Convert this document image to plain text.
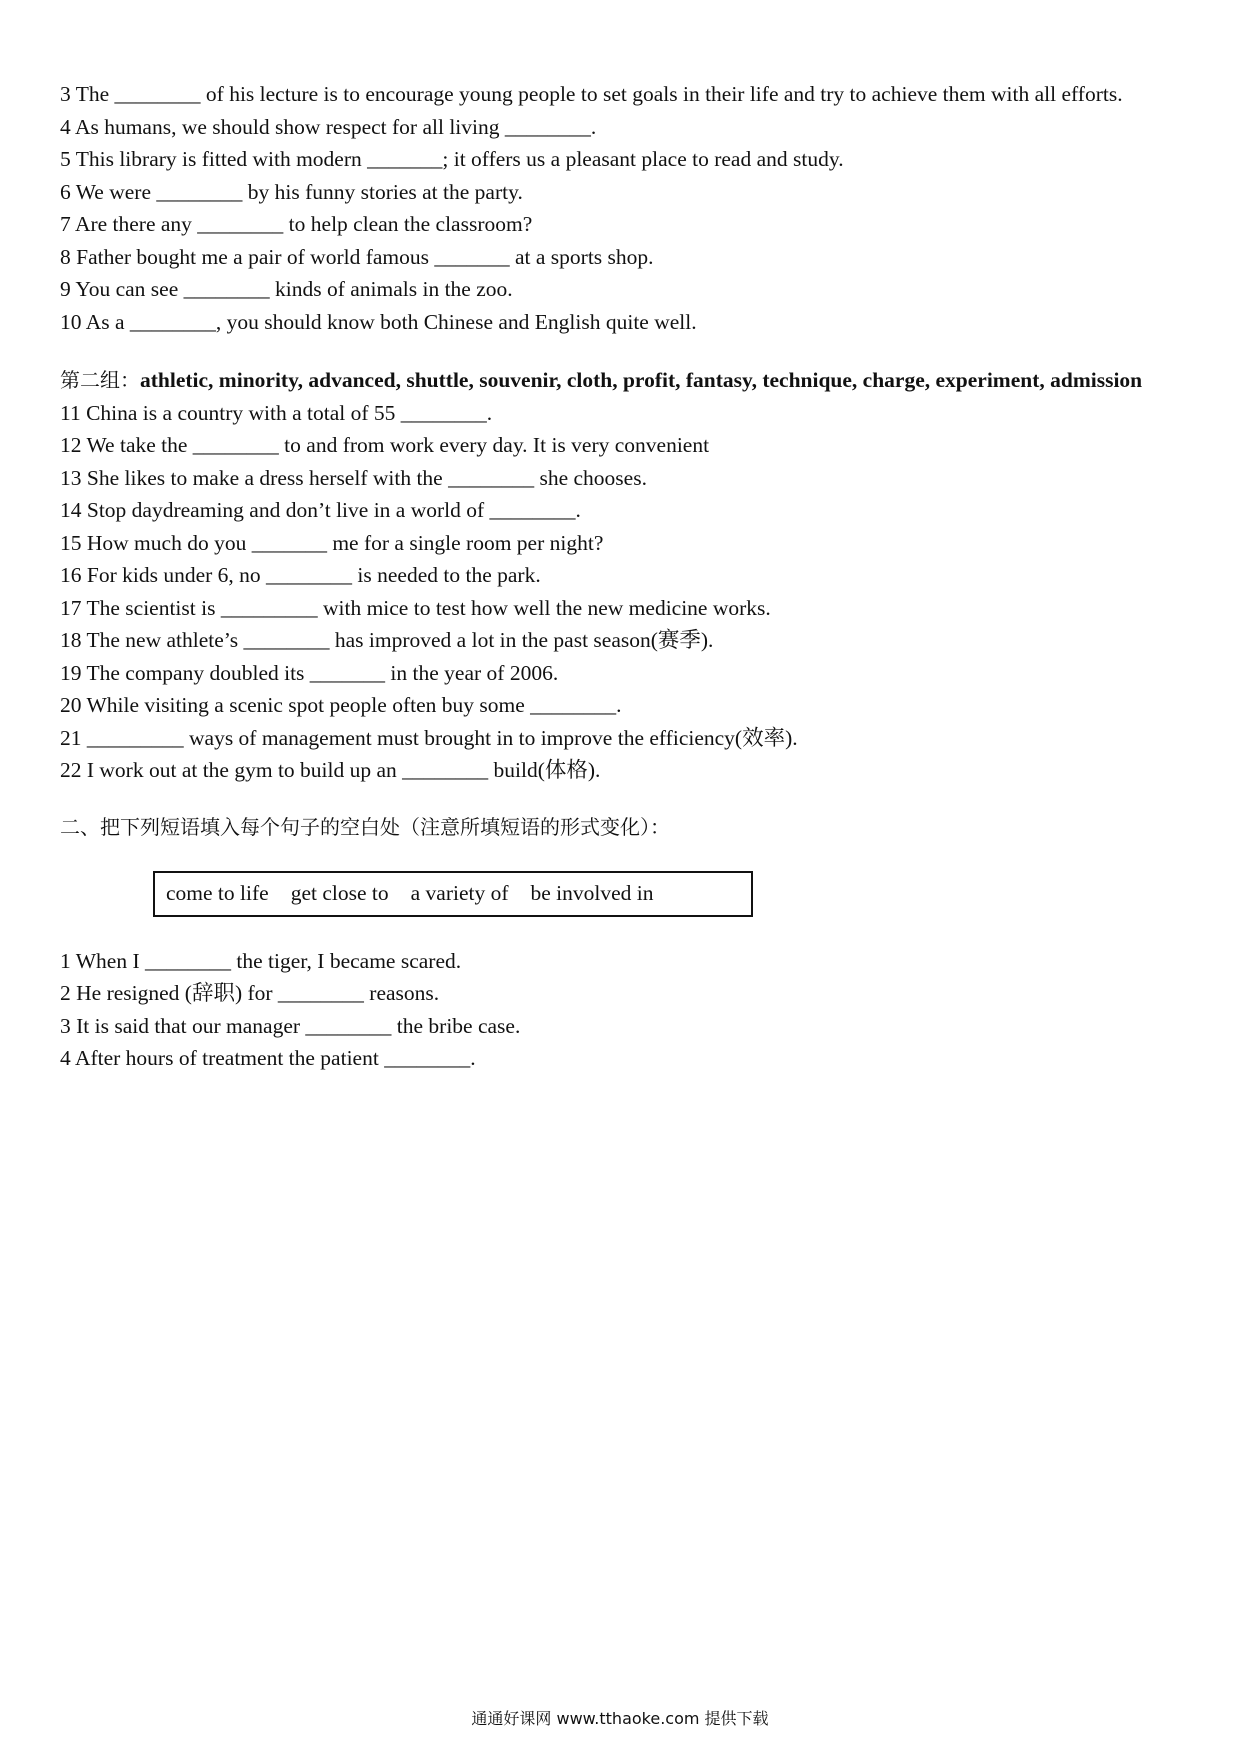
3 The ________ of his lecture is to encourage young people to set goals in their life and try to achieve them with all efforts.
4 As humans, we should show respect for all living ________.
5 This library is fitted with modern _______; it offers us a pleasant place to read and study.
6 We were ________ by his funny stories at the party.
7 Are there any ________ to help clean the classroom?
8 Father bought me a pair of world famous _______ at a sports shop.
9 You can see ________ kinds of animals in the zoo.
10 As a ________, you should know both Chinese and English quite well.
第二组：athletic, minority, advanced, shuttle, souvenir, cloth, profit, fantasy, technique, charge, experiment, admission
11 China is a country with a total of 55 ________.
12 We take the ________ to and from work every day. It is very convenient
13 She likes to make a dress herself with the ________ she chooses.
14 Stop daydreaming and don’t live in a world of ________.
15 How much do you _______ me for a single room per night?
16 For kids under 6, no ________ is needed to the park.
17 The scientist is _________ with mice to test how well the new medicine works.
18 The new athlete’s ________ has improved a lot in the past season(赛季).
19 The company doubled its _______ in the year of 2006.
20 While visiting a scenic spot people often buy some ________.
21 _________ ways of management must brought in to improve the efficiency(效率).
22 I work out at the gym to build up an ________ build(体格).
二、把下列短语填入每个句子的空白处（注意所填短语的形式变化）：
come to life get close to a variety of be involved in
1 When I ________ the tiger, I became scared.
2 He resigned (辞职) for ________ reasons.
3 It is said that our manager ________ the bribe case.
4 After hours of treatment the patient ________.
通通好课网 www.tthaoke.com 提供下载
